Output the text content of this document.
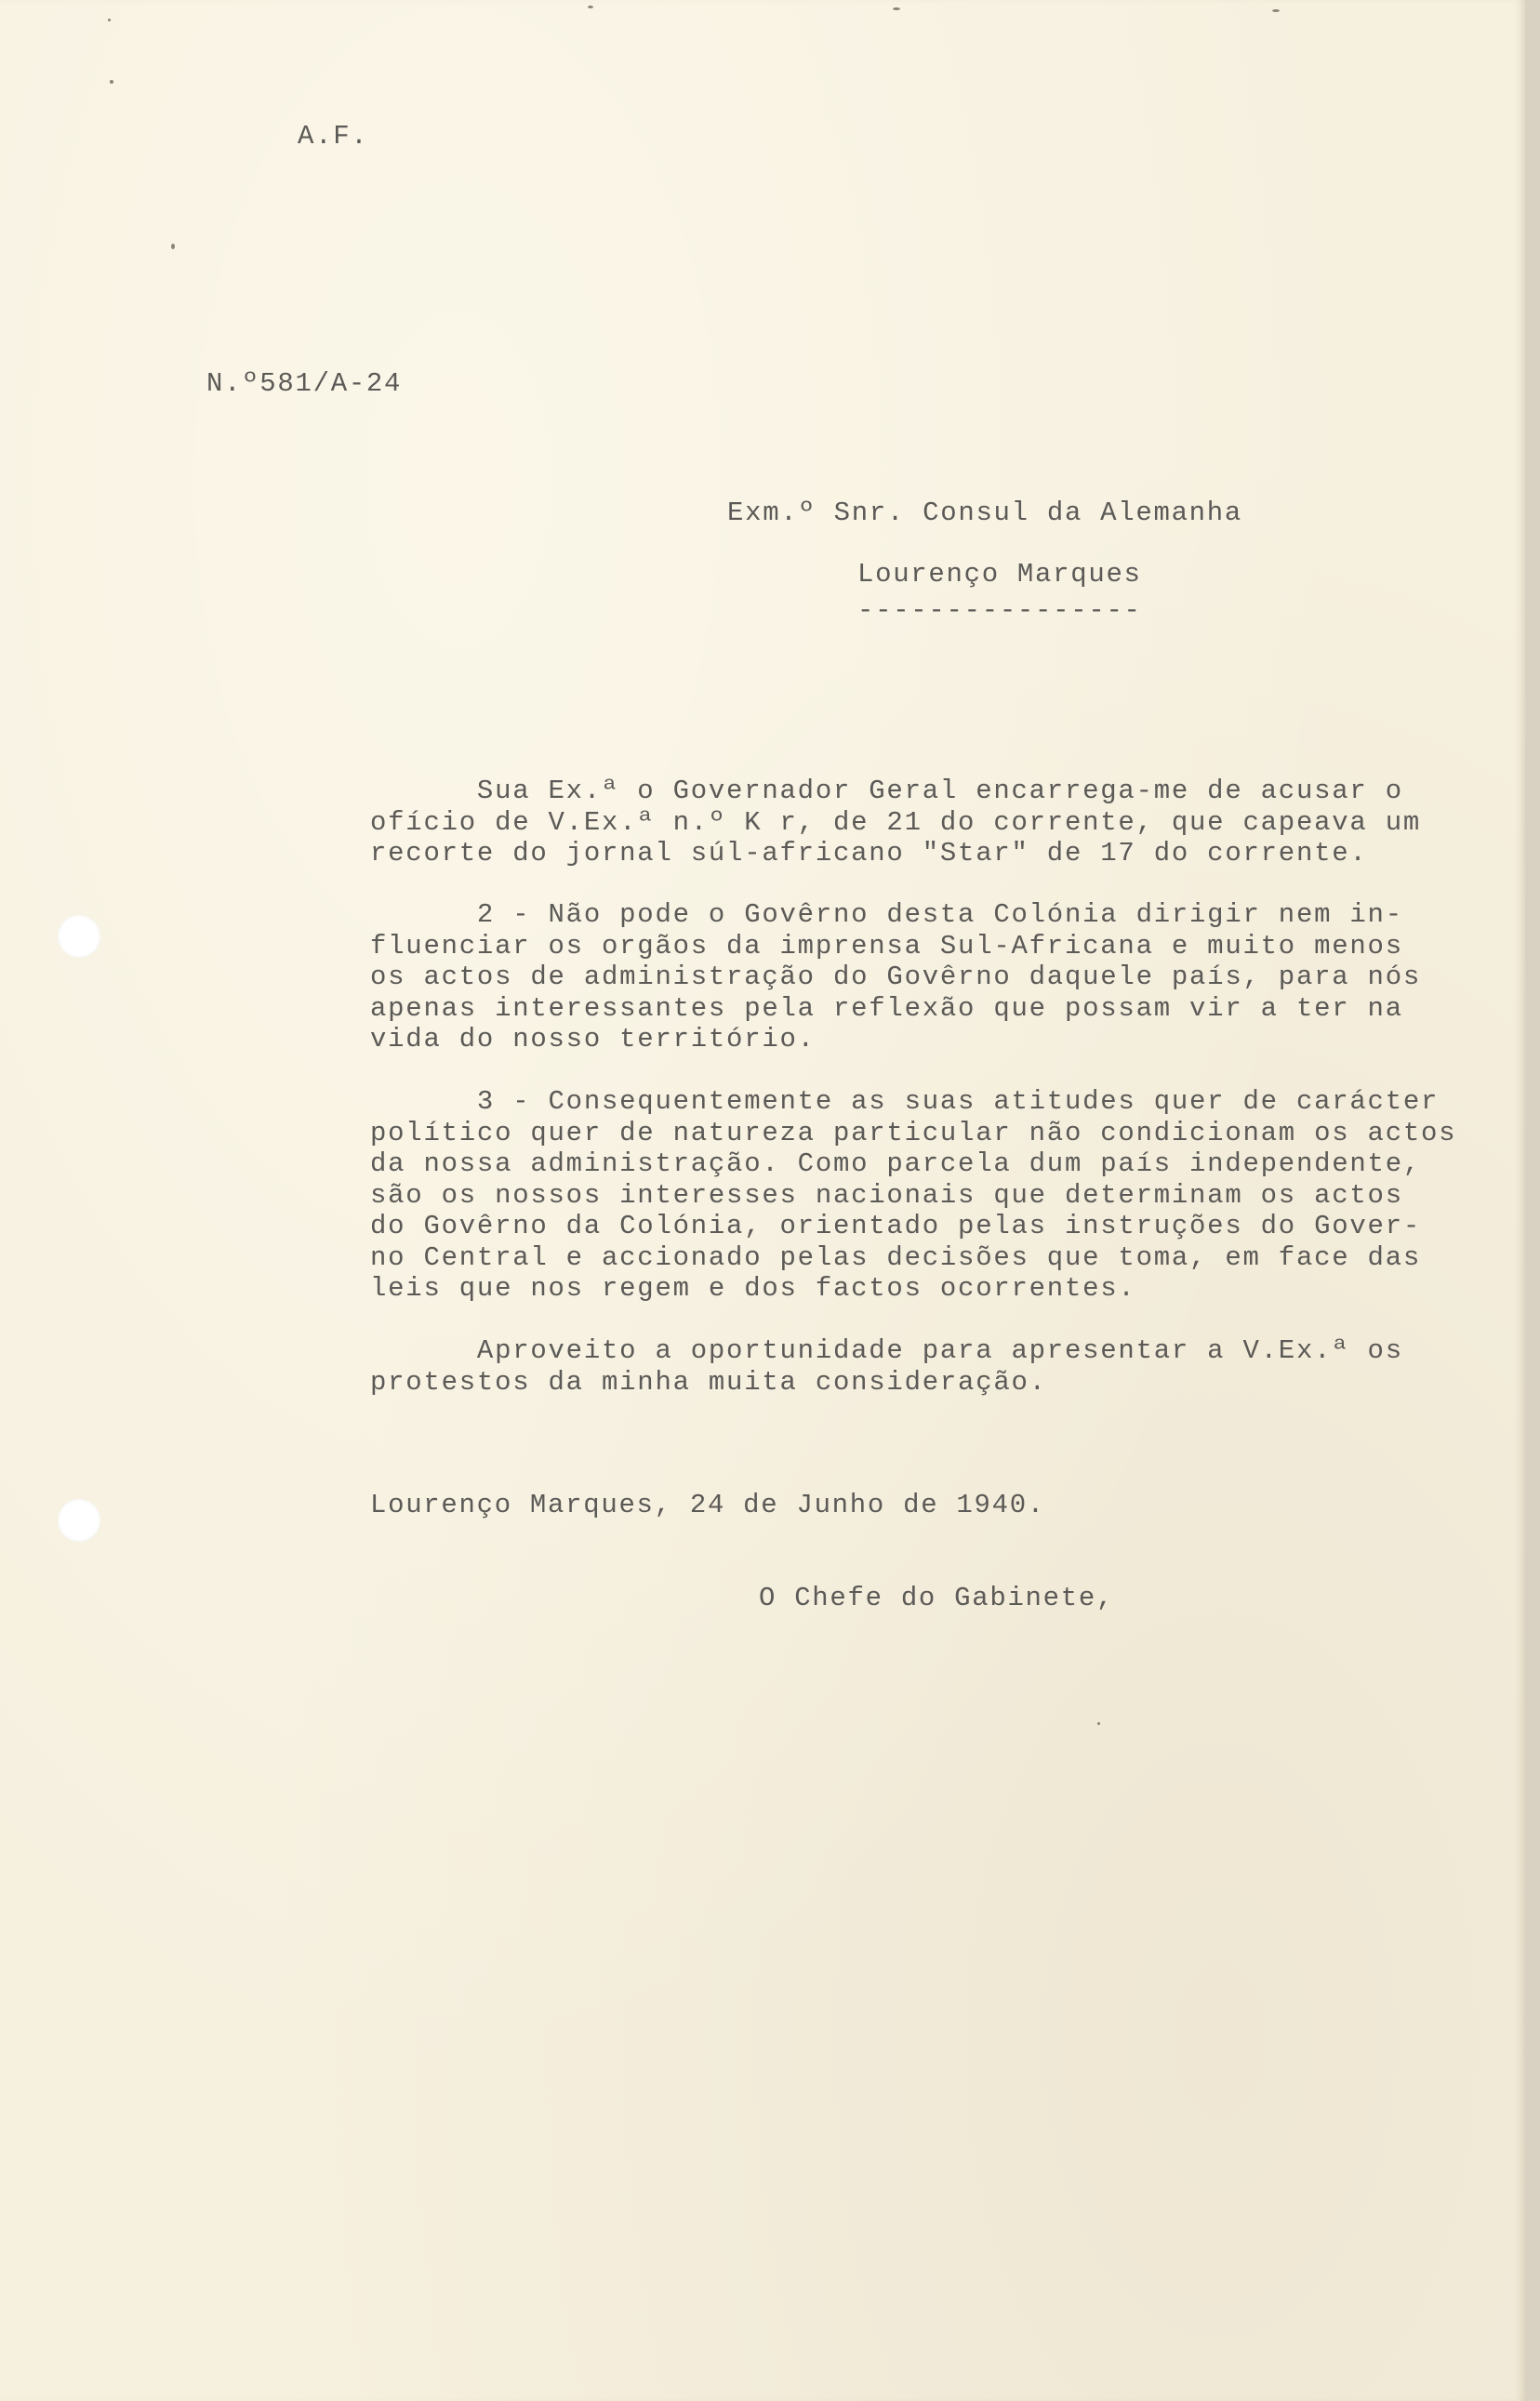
A.F.
N.º581/A-24
Exm.º Snr. Consul da Alemanha
Lourenço Marques
----------------
Sua Ex.ª o Governador Geral encarrega-me de acusar o
ofício de V.Ex.ª n.º K r, de 21 do corrente, que capeava um
recorte do jornal súl-africano "Star" de 17 do corrente.
2 - Não pode o Govêrno desta Colónia dirigir nem in-
fluenciar os orgãos da imprensa Sul-Africana e muito menos
os actos de administração do Govêrno daquele país, para nós
apenas interessantes pela reflexão que possam vir a ter na
vida do nosso território.
3 - Consequentemente as suas atitudes quer de carácter
político quer de natureza particular não condicionam os actos
da nossa administração. Como parcela dum país independente,
são os nossos interesses nacionais que determinam os actos
do Govêrno da Colónia, orientado pelas instruções do Gover-
no Central e accionado pelas decisões que toma, em face das
leis que nos regem e dos factos ocorrentes.
Aproveito a oportunidade para apresentar a V.Ex.ª os
protestos da minha muita consideração.
Lourenço Marques, 24 de Junho de 1940.
O Chefe do Gabinete,
